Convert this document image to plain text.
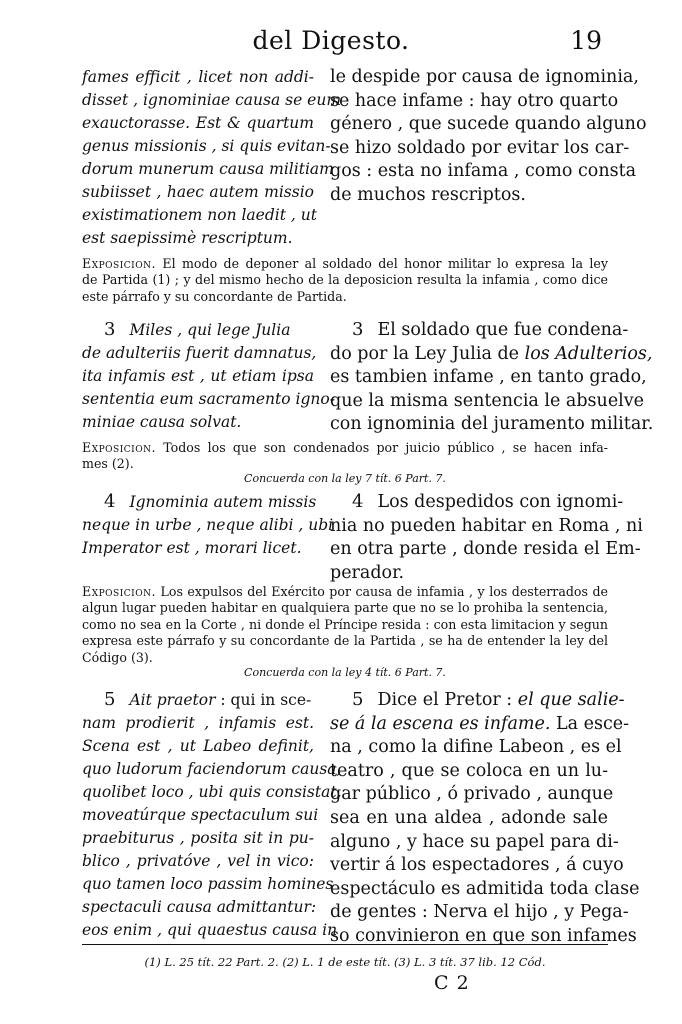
del Digesto.	19
fames efficit , licet non addi-
disset , ignominiae causa se eum
exauctorasse. Est & quartum
genus missionis , si quis evitan-
dorum munerum causa militiam
subiisset , haec autem missio
existimationem non laedit , ut
est saepissimè rescriptum.
le despide por causa de ignominia,
se hace infame : hay otro quarto
género , que sucede quando alguno
se hizo soldado por evitar los car-
gos : esta no infama , como consta
de muchos rescriptos.
Exposicion. El modo de deponer al soldado del honor militar lo expresa la ley
de Partida (1) ; y del mismo hecho de la deposicion resulta la infamia , como dice
este párrafo y su concordante de Partida.
3 Miles , qui lege Julia
de adulteriis fuerit damnatus,
ita infamis est , ut etiam ipsa
sententia eum sacramento igno-
miniae causa solvat.
3 El soldado que fue condena-
do por la Ley Julia de los Adulterios,
es tambien infame , en tanto grado,
que la misma sentencia le absuelve
con ignominia del juramento militar.
Exposicion. Todos los que son condenados por juicio público , se hacen infa-
mes (2).
Concuerda con la ley 7 tít. 6 Part. 7.
4 Ignominia autem missis
neque in urbe , neque alibi , ubi
Imperator est , morari licet.
4 Los despedidos con ignomi-
nia no pueden habitar en Roma , ni
en otra parte , donde resida el Em-
perador.
Exposicion. Los expulsos del Exército por causa de infamia , y los desterrados de
algun lugar pueden habitar en qualquiera parte que no se lo prohiba la sentencia,
como no sea en la Corte , ni donde el Príncipe resida : con esta limitacion y segun
expresa este párrafo y su concordante de la Partida , se ha de entender la ley del
Código (3).
Concuerda con la ley 4 tít. 6 Part. 7.
5 Ait praetor : qui in sce-
nam prodierit , infamis est.
Scena est , ut Labeo definit,
quo ludorum faciendorum causa,
quolibet loco , ubi quis consistat,
moveatúrque spectaculum sui
praebiturus , posita sit in pu-
blico , privatóve , vel in vico:
quo tamen loco passim homines
spectaculi causa admittantur:
eos enim , qui quaestus causa in
5 Dice el Pretor : el que salie-
se á la escena es infame. La esce-
na , como la difine Labeon , es el
teatro , que se coloca en un lu-
gar público , ó privado , aunque
sea en una aldea , adonde sale
alguno , y hace su papel para di-
vertir á los espectadores , á cuyo
espectáculo es admitida toda clase
de gentes : Nerva el hijo , y Pega-
so convinieron en que son infames
(1) L. 25 tít. 22 Part. 2. (2) L. 1 de este tít. (3) L. 3 tít. 37 lib. 12 Cód.
C 2
